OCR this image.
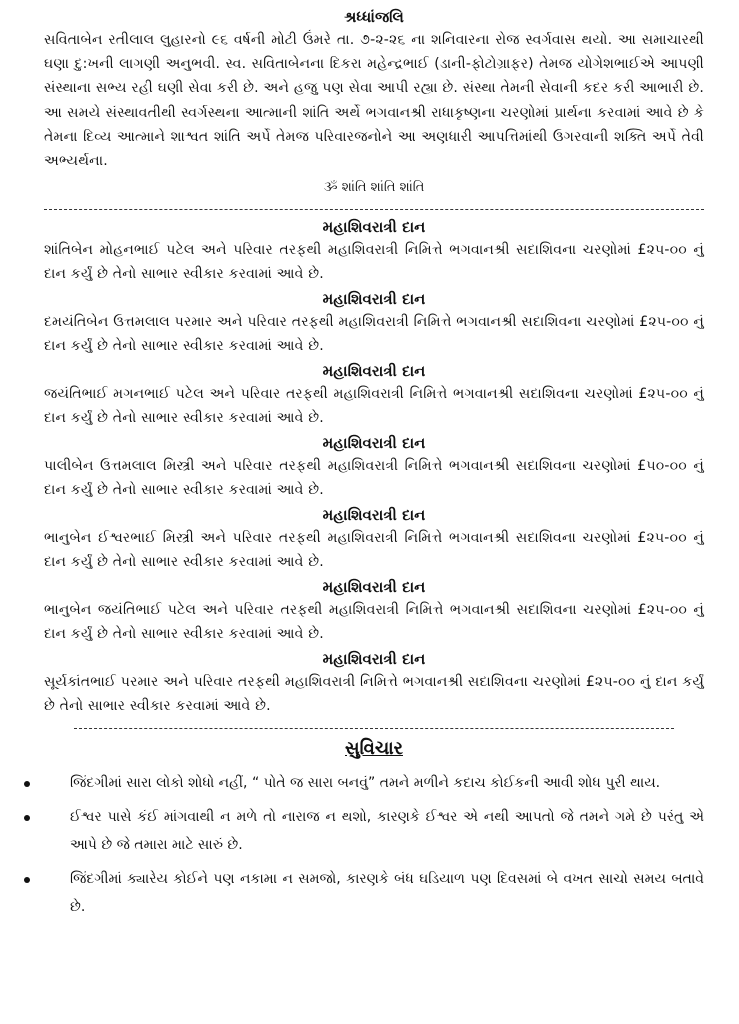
શ્રધ્ધાંજલિ

સવિતાબેન રતીલાલ લુહારનો ૯૬ વર્ષની મોટી ઉંમરે તા. ૭-૨-૨૬ ના શનિવારના રોજ સ્વર્ગવાસ થયો. આ સમાચારથી ઘણા દુ:ખની લાગણી અનુભવી. સ્વ. સવિતાબેનના દિકરા મહેન્દ્રભાઈ (ડાની-ફોટોગ્રાફર) તેમજ યોગેશભાઈએ આપણી સંસ્થાના સભ્ય રહી ઘણી સેવા કરી છે. અને હજુ પણ સેવા આપી રહ્યા છે. સંસ્થા તેમની સેવાની કદર કરી આભારી છે. આ સમયે સંસ્થાવતીથી સ્વર્ગસ્થના આત્માની શાંતિ અર્થે ભગવાનશ્રી રાધાકૃષ્ણના ચરણોમાં પ્રાર્થના કરવામાં આવે છે કે તેમના દિવ્ય આત્માને શાશ્વત શાંતિ અર્પે તેમજ પરિવારજનોને આ અણધારી આપત્તિમાંથી ઉગરવાની શક્તિ અર્પે તેવી અભ્યર્થના.

ૐ શાંતિ શાંતિ શાંતિ

મહાશિવરાત્રી દાન

શાંતિબેન મોહનભાઈ પટેલ અને પરિવાર તરફથી મહાશિવરાત્રી નિમિત્તે ભગવાનશ્રી સદાશિવના ચરણોમાં £૨૫-૦૦ નું દાન કર્યું છે તેનો સાભાર સ્વીકાર કરવામાં આવે છે.

મહાશિવરાત્રી દાન

દમયંતિબેન ઉત્તમલાલ પરમાર અને પરિવાર તરફથી મહાશિવરાત્રી નિમિત્તે ભગવાનશ્રી સદાશિવના ચરણોમાં £૨૫-૦૦ નું દાન કર્યું છે તેનો સાભાર સ્વીકાર કરવામાં આવે છે.

મહાશિવરાત્રી દાન

જયંતિભાઈ મગનભાઈ પટેલ અને પરિવાર તરફથી મહાશિવરાત્રી નિમિત્તે ભગવાનશ્રી સદાશિવના ચરણોમાં £૨૫-૦૦ નું દાન કર્યું છે તેનો સાભાર સ્વીકાર કરવામાં આવે છે.

મહાશિવરાત્રી દાન

પાલીબેન ઉત્તમલાલ મિસ્ત્રી અને પરિવાર તરફથી મહાશિવરાત્રી નિમિત્તે ભગવાનશ્રી સદાશિવના ચરણોમાં £૫૦-૦૦ નું દાન કર્યું છે તેનો સાભાર સ્વીકાર કરવામાં આવે છે.

મહાશિવરાત્રી દાન

ભાનુબેન ઈશ્વરભાઈ મિસ્ત્રી અને પરિવાર તરફથી મહાશિવરાત્રી નિમિત્તે ભગવાનશ્રી સદાશિવના ચરણોમાં £૨૫-૦૦ નું દાન કર્યું છે તેનો સાભાર સ્વીકાર કરવામાં આવે છે.

મહાશિવરાત્રી દાન

ભાનુબેન જયંતિભાઈ પટેલ અને પરિવાર તરફથી મહાશિવરાત્રી નિમિત્તે ભગવાનશ્રી સદાશિવના ચરણોમાં £૨૫-૦૦ નું દાન કર્યું છે તેનો સાભાર સ્વીકાર કરવામાં આવે છે.

મહાશિવરાત્રી દાન

સૂર્યકાંતભાઈ પરમાર અને પરિવાર તરફથી મહાશિવરાત્રી નિમિત્તે ભગવાનશ્રી સદાશિવના ચરણોમાં £૨૫-૦૦ નું દાન કર્યું છે તેનો સાભાર સ્વીકાર કરવામાં આવે છે.

સુવિચાર
જિંદગીમાં સારા લોકો શોધો નહીં, “ પોતે જ સારા બનવું” તમને મળીને કદાચ કોઈકની આવી શોધ પુરી થાય.
ઈશ્વર પાસે કંઈ માંગવાથી ન મળે તો નારાજ ન થશો, કારણકે ઈશ્વર એ નથી આપતો જે તમને ગમે છે પરંતુ એ આપે છે જે તમારા માટે સારું છે.
જિંદગીમાં ક્યારેય કોઈને પણ નકામા ન સમજો, કારણકે બંધ ઘડિયાળ પણ દિવસમાં બે વખત સાચો સમય બતાવે છે.
